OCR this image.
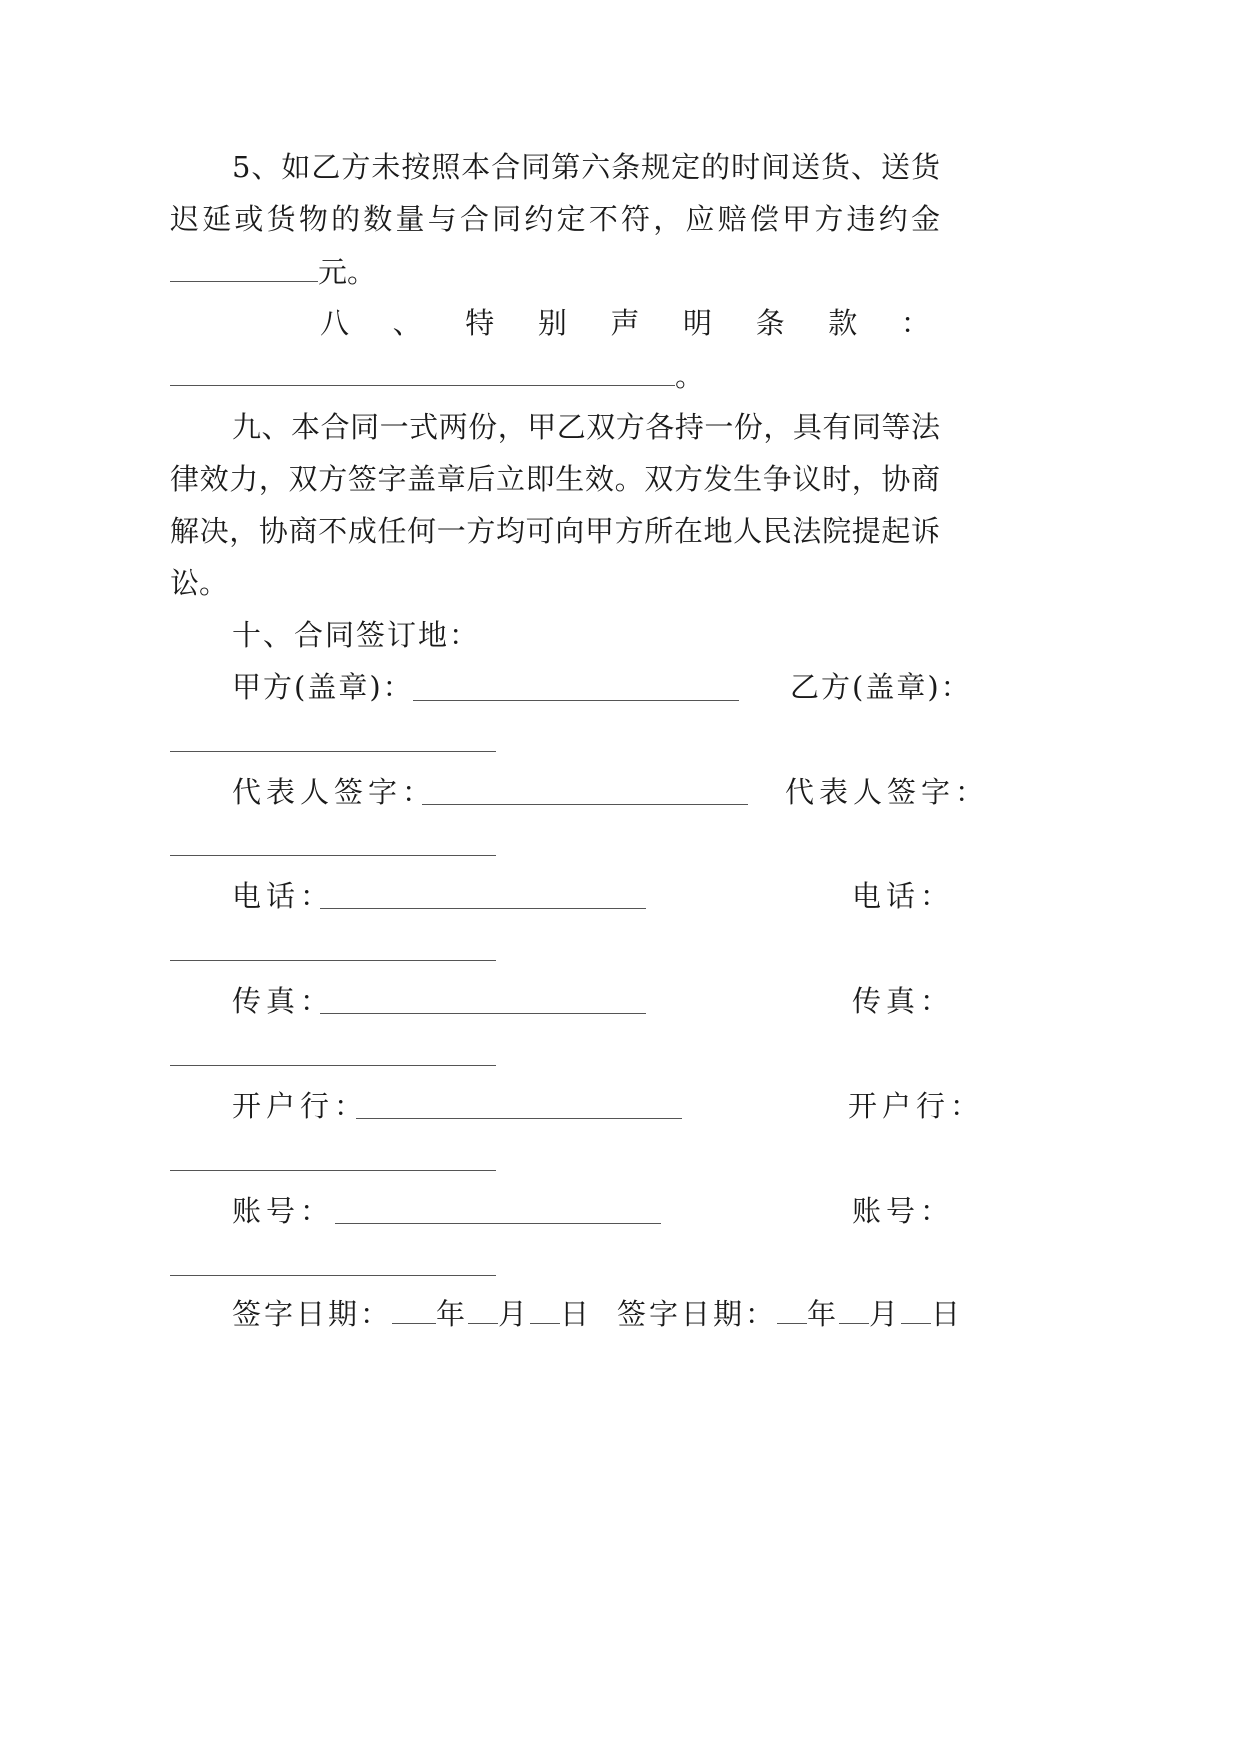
5、如乙方未按照本合同第六条规定的时间送货、送货
迟延或货物的数量与合同约定不符，应赔偿甲方违约金
元。
八 、 特 别 声 明 条 款 ：
。
九、本合同一式两份，甲乙双方各持一份，具有同等法
律效力，双方签字盖章后立即生效。双方发生争议时，协商
解决，协商不成任何一方均可向甲方所在地人民法院提起诉
讼。
十、合同签订地：
甲方(盖章)：	乙方(盖章)：
代表人签字：	代表人签字：
电话：	电话：
传真：	传真：
开户行：	开户行：
账号：	账号：
签字日期： 年 月 日 签字日期： 年 月 日
